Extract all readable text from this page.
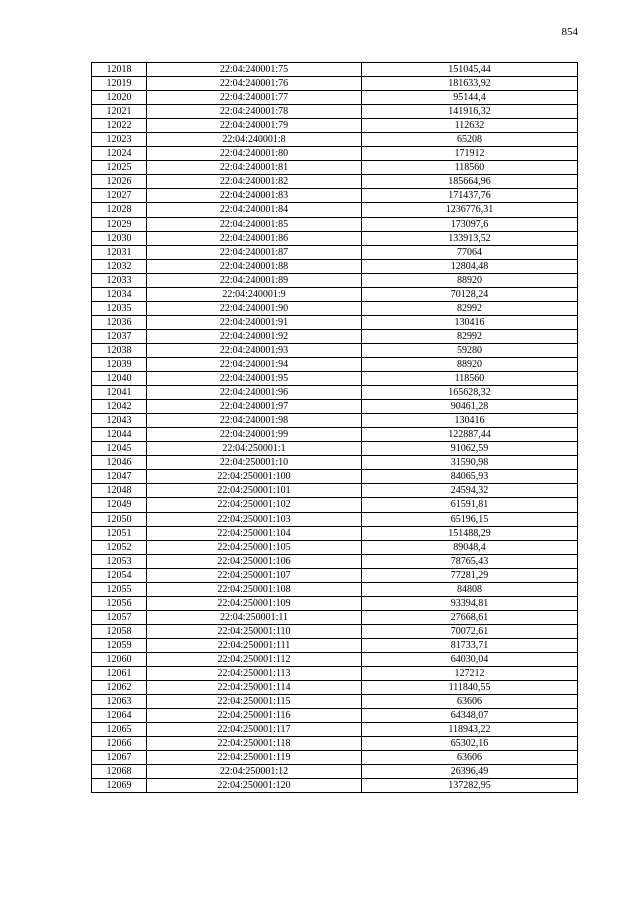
854
12018	22:04:240001:75	151045,44
12019	22:04:240001:76	181633,92
12020	22:04:240001:77	95144,4
12021	22:04:240001:78	141916,32
12022	22:04:240001:79	112632
12023	22:04:240001:8	65208
12024	22:04:240001:80	171912
12025	22:04:240001:81	118560
12026	22:04:240001:82	185664,96
12027	22:04:240001:83	171437,76
12028	22:04:240001:84	1236776,31
12029	22:04:240001:85	173097,6
12030	22:04:240001:86	133913,52
12031	22:04:240001:87	77064
12032	22:04:240001:88	12804,48
12033	22:04:240001:89	88920
12034	22:04:240001:9	70128,24
12035	22:04:240001:90	82992
12036	22:04:240001:91	130416
12037	22:04:240001:92	82992
12038	22:04:240001:93	59280
12039	22:04:240001:94	88920
12040	22:04:240001:95	118560
12041	22:04:240001:96	165628,32
12042	22:04:240001:97	90461,28
12043	22:04:240001:98	130416
12044	22:04:240001:99	122887,44
12045	22:04:250001:1	91062,59
12046	22:04:250001:10	31590,98
12047	22:04:250001:100	84065,93
12048	22:04:250001:101	24594,32
12049	22:04:250001:102	61591,81
12050	22:04:250001:103	65196,15
12051	22:04:250001:104	151488,29
12052	22:04:250001:105	89048,4
12053	22:04:250001:106	78765,43
12054	22:04:250001:107	77281,29
12055	22:04:250001:108	84808
12056	22:04:250001:109	93394,81
12057	22:04:250001:11	27668,61
12058	22:04:250001:110	70072,61
12059	22:04:250001:111	81733,71
12060	22:04:250001:112	64030,04
12061	22:04:250001:113	127212
12062	22:04:250001:114	111840,55
12063	22:04:250001:115	63606
12064	22:04:250001:116	64348,07
12065	22:04:250001:117	118943,22
12066	22:04:250001:118	65302,16
12067	22:04:250001:119	63606
12068	22:04:250001:12	26396,49
12069	22:04:250001:120	137282,95
